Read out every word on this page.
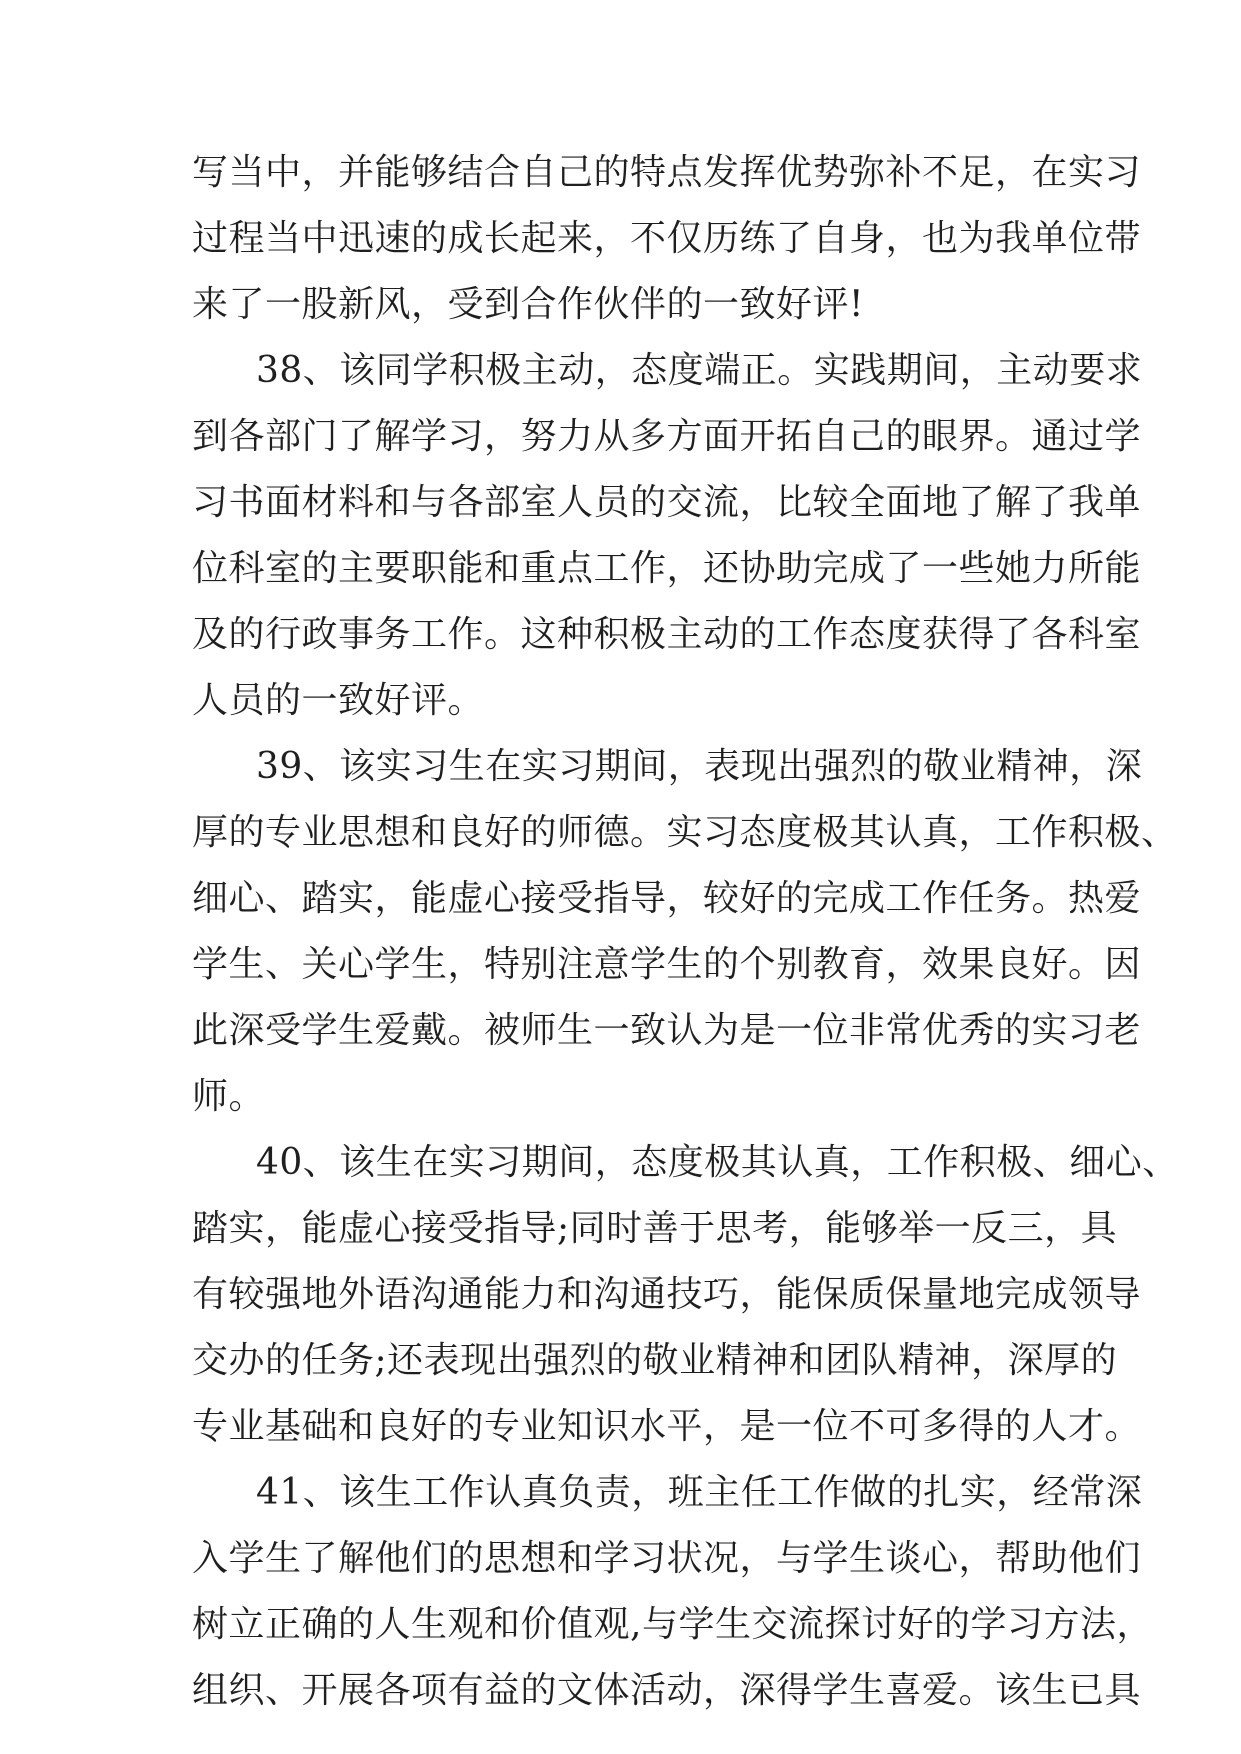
写当中，并能够结合自己的特点发挥优势弥补不足，在实习
过程当中迅速的成长起来，不仅历练了自身，也为我单位带
来了一股新风，受到合作伙伴的一致好评!
38、该同学积极主动，态度端正。实践期间，主动要求
到各部门了解学习，努力从多方面开拓自己的眼界。通过学
习书面材料和与各部室人员的交流，比较全面地了解了我单
位科室的主要职能和重点工作，还协助完成了一些她力所能
及的行政事务工作。这种积极主动的工作态度获得了各科室
人员的一致好评。
39、该实习生在实习期间，表现出强烈的敬业精神，深
厚的专业思想和良好的师德。实习态度极其认真，工作积极、
细心、踏实，能虚心接受指导，较好的完成工作任务。热爱
学生、关心学生，特别注意学生的个别教育，效果良好。因
此深受学生爱戴。被师生一致认为是一位非常优秀的实习老
师。
40、该生在实习期间，态度极其认真，工作积极、细心、
踏实，能虚心接受指导;同时善于思考，能够举一反三，具
有较强地外语沟通能力和沟通技巧，能保质保量地完成领导
交办的任务;还表现出强烈的敬业精神和团队精神，深厚的
专业基础和良好的专业知识水平，是一位不可多得的人才。
41、该生工作认真负责，班主任工作做的扎实，经常深
入学生了解他们的思想和学习状况，与学生谈心，帮助他们
树立正确的人生观和价值观,与学生交流探讨好的学习方法，
组织、开展各项有益的文体活动，深得学生喜爱。该生已具
